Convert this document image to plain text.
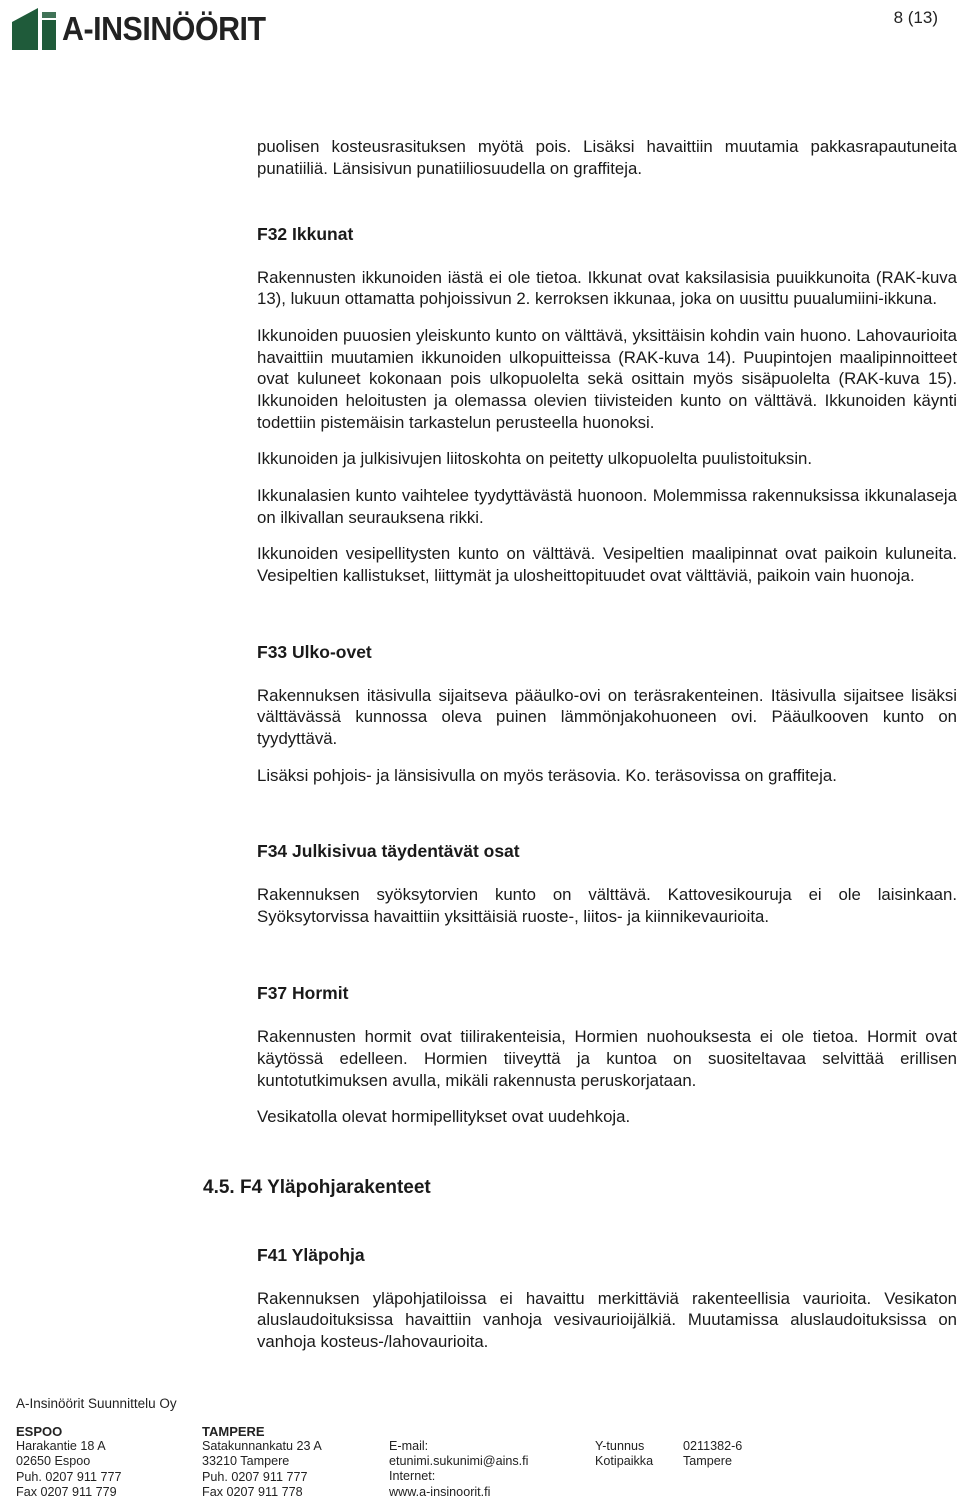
A-INSINÖÖRIT	8 (13)

puolisen kosteusrasituksen myötä pois. Lisäksi havaittiin muutamia pakkasrapautuneita punatiiliä. Länsisivun punatiiliosuudella on graffiteja.

F32 Ikkunat

Rakennusten ikkunoiden iästä ei ole tietoa. Ikkunat ovat kaksilasisia puuikkunoita (RAK-kuva 13), lukuun ottamatta pohjoissivun 2. kerroksen ikkunaa, joka on uusittu puualumiini-ikkuna.

Ikkunoiden puuosien yleiskunto kunto on välttävä, yksittäisin kohdin vain huono. Lahovaurioita havaittiin muutamien ikkunoiden ulkopuitteissa (RAK-kuva 14). Puupintojen maalipinnoitteet ovat kuluneet kokonaan pois ulkopuolelta sekä osittain myös sisäpuolelta (RAK-kuva 15). Ikkunoiden heloitusten ja olemassa olevien tiivisteiden kunto on välttävä. Ikkunoiden käynti todettiin pistemäisin tarkastelun perusteella huonoksi.

Ikkunoiden ja julkisivujen liitoskohta on peitetty ulkopuolelta puulistoituksin.

Ikkunalasien kunto vaihtelee tyydyttävästä huonoon. Molemmissa rakennuksissa ikkunalaseja on ilkivallan seurauksena rikki.

Ikkunoiden vesipellitysten kunto on välttävä. Vesipeltien maalipinnat ovat paikoin kuluneita. Vesipeltien kallistukset, liittymät ja ulosheittopituudet ovat välttäviä, paikoin vain huonoja.

F33 Ulko-ovet

Rakennuksen itäsivulla sijaitseva pääulko-ovi on teräsrakenteinen. Itäsivulla sijaitsee lisäksi välttävässä kunnossa oleva puinen lämmönjakohuoneen ovi. Pääulkooven kunto on tyydyttävä.

Lisäksi pohjois- ja länsisivulla on myös teräsovia. Ko. teräsovissa on graffiteja.

F34 Julkisivua täydentävät osat

Rakennuksen syöksytorvien kunto on välttävä. Kattovesikouruja ei ole laisinkaan. Syöksytorvissa havaittiin yksittäisiä ruoste-, liitos- ja kiinnikevaurioita.

F37 Hormit

Rakennusten hormit ovat tiilirakenteisia, Hormien nuohouksesta ei ole tietoa. Hormit ovat käytössä edelleen. Hormien tiiveyttä ja kuntoa on suositeltavaa selvittää erillisen kuntotutkimuksen avulla, mikäli rakennusta peruskorjataan.

Vesikatolla olevat hormipellitykset ovat uudehkoja.

4.5. F4 Yläpohjarakenteet
F41 Yläpohja

Rakennuksen yläpohjatiloissa ei havaittu merkittäviä rakenteellisia vaurioita. Vesikaton aluslaudoituksissa havaittiin vanhoja vesivaurioijälkiä. Muutamissa aluslaudoituksissa on vanhoja kosteus-/lahovaurioita.

A-Insinöörit Suunnittelu Oy
ESPOO
Harakantie 18 A
02650 Espoo
Puh. 0207 911 777
Fax 0207 911 779
TAMPERE
Satakunnankatu 23 A
33210 Tampere
Puh. 0207 911 777
Fax 0207 911 778
E-mail:
etunimi.sukunimi@ains.fi
Internet:
www.a-insinoorit.fi
Y-tunnus
Kotipaikka
0211382-6
Tampere
